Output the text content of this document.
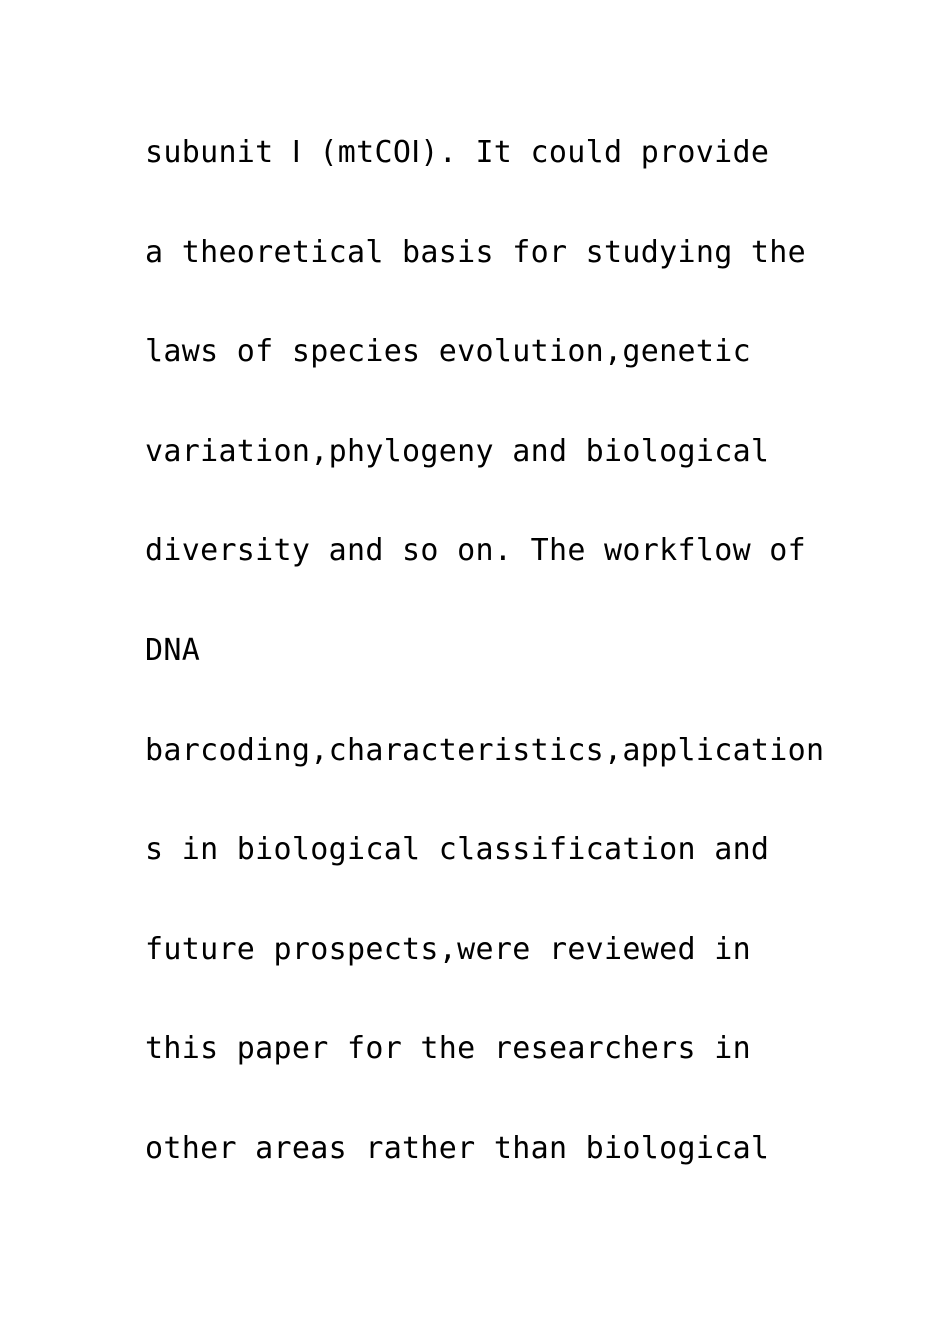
subunit Ⅰ (mtCOⅠ). It could provide
a theoretical basis for studying the
laws of species evolution,genetic
variation,phylogeny and biological
diversity and so on. The workflow of
DNA
barcoding,characteristics,application
s in biological classification and
future prospects,were reviewed in
this paper for the researchers in
other areas rather than biological
